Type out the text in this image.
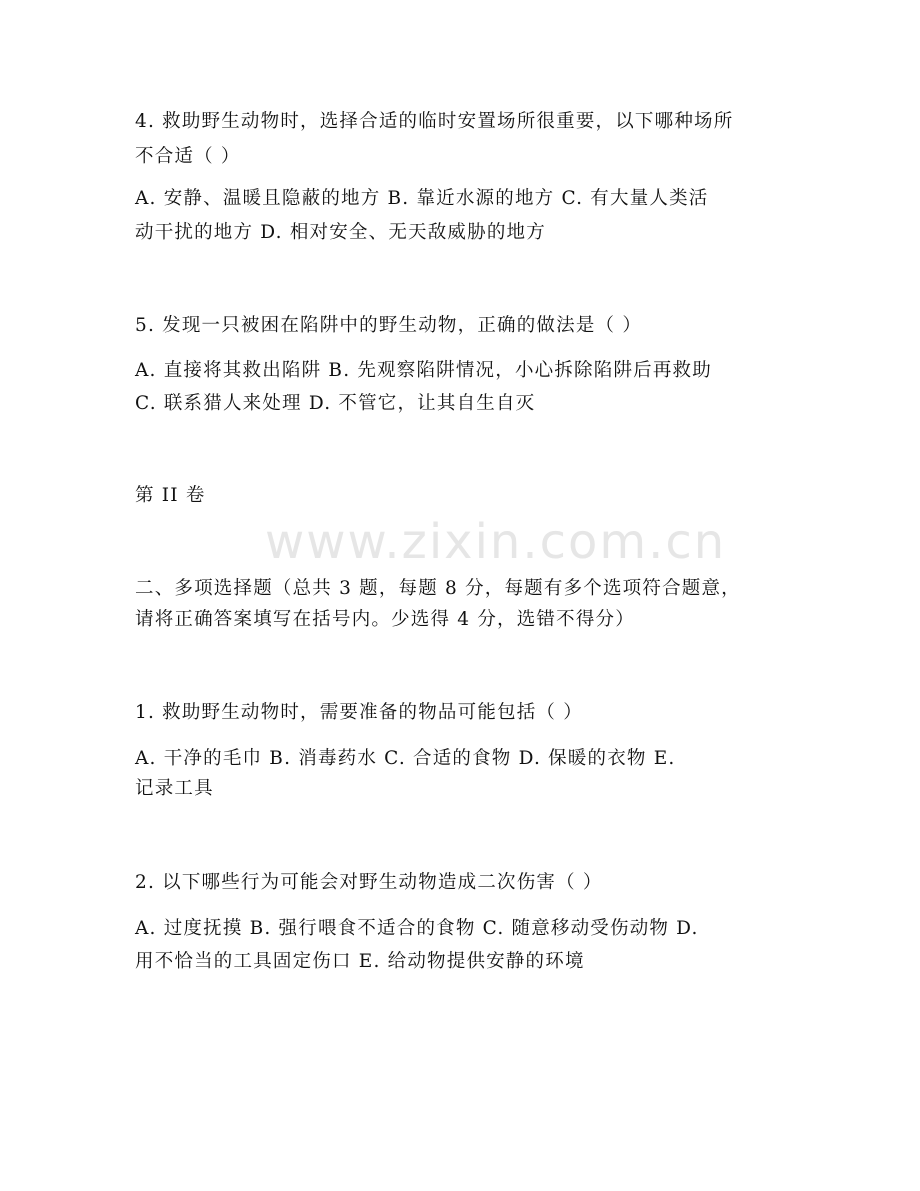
www.zixin.com.cn
4. 救助野生动物时，选择合适的临时安置场所很重要，以下哪种场所
不合适（ ）
A. 安静、温暖且隐蔽的地方 B. 靠近水源的地方 C. 有大量人类活
动干扰的地方 D. 相对安全、无天敌威胁的地方
5. 发现一只被困在陷阱中的野生动物，正确的做法是（ ）
A. 直接将其救出陷阱 B. 先观察陷阱情况，小心拆除陷阱后再救助
C. 联系猎人来处理 D. 不管它，让其自生自灭
第 II 卷
二、多项选择题（总共 3 题，每题 8 分，每题有多个选项符合题意，
请将正确答案填写在括号内。少选得 4 分，选错不得分）
1. 救助野生动物时，需要准备的物品可能包括（ ）
A. 干净的毛巾 B. 消毒药水 C. 合适的食物 D. 保暖的衣物 E.
记录工具
2. 以下哪些行为可能会对野生动物造成二次伤害（ ）
A. 过度抚摸 B. 强行喂食不适合的食物 C. 随意移动受伤动物 D.
用不恰当的工具固定伤口 E. 给动物提供安静的环境
